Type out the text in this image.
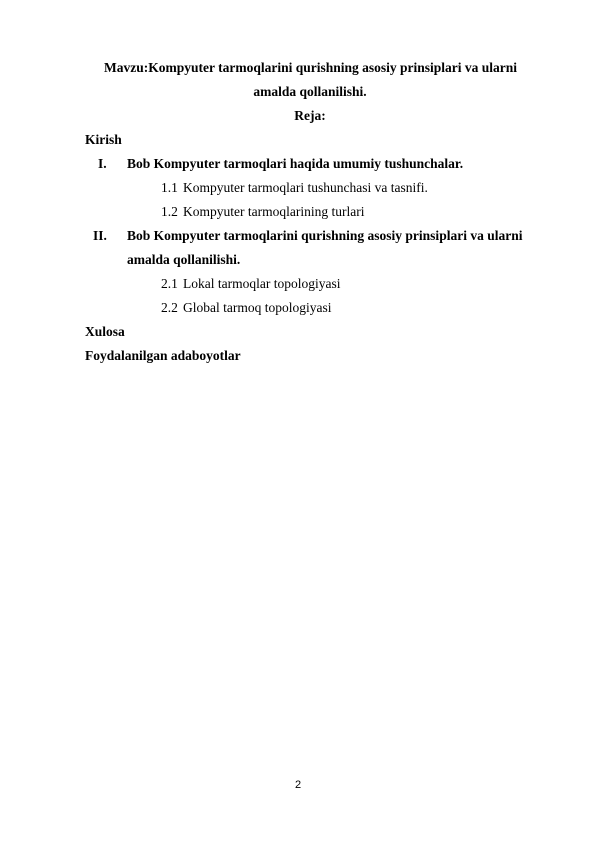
Mavzu:Kompyuter tarmoqlarini qurishning asosiy prinsiplari va ularni
amalda qollanilishi.
Reja:
Kirish
I. Bob Kompyuter tarmoqlari haqida umumiy tushunchalar.
1.1 Kompyuter tarmoqlari tushunchasi va tasnifi.
1.2 Kompyuter tarmoqlarining turlari
II. Bob Kompyuter tarmoqlarini qurishning asosiy prinsiplari va ularni
amalda qollanilishi.
2.1 Lokal tarmoqlar topologiyasi
2.2 Global tarmoq topologiyasi
Xulosa
Foydalanilgan adaboyotlar
2
